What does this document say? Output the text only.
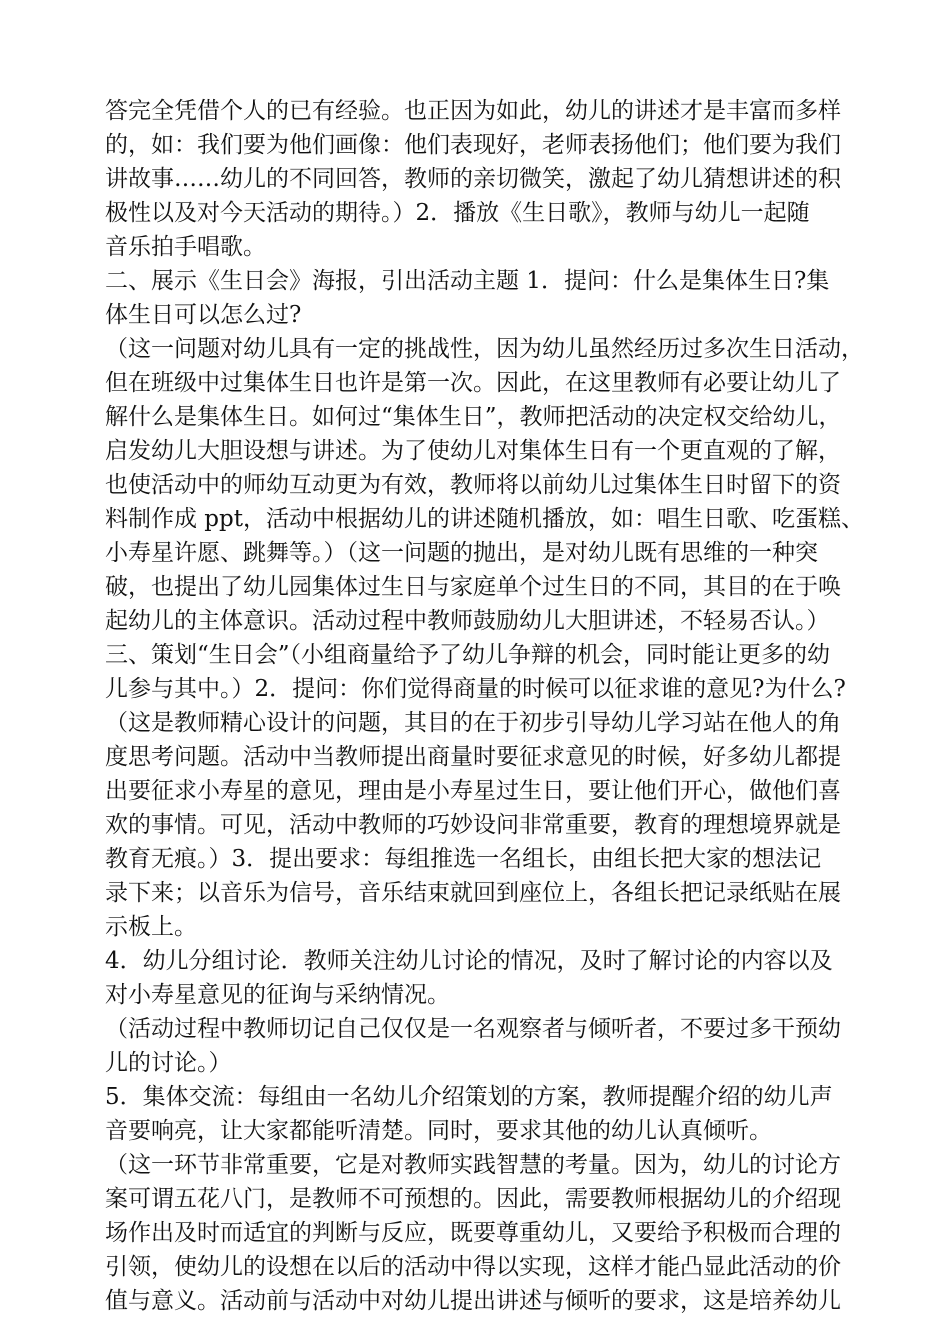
答完全凭借个人的已有经验。也正因为如此，幼儿的讲述才是丰富而多样
的，如：我们要为他们画像：他们表现好，老师表扬他们；他们要为我们
讲故事……幼儿的不同回答，教师的亲切微笑，激起了幼儿猜想讲述的积
极性以及对今天活动的期待。）2．播放《生日歌》，教师与幼儿一起随
音乐拍手唱歌。
二、展示《生日会》海报，引出活动主题 1．提问：什么是集体生日?集
体生日可以怎么过?
（这一问题对幼儿具有一定的挑战性，因为幼儿虽然经历过多次生日活动，
但在班级中过集体生日也许是第一次。因此，在这里教师有必要让幼儿了
解什么是集体生日。如何过“集体生日”，教师把活动的决定权交给幼儿，
启发幼儿大胆设想与讲述。为了使幼儿对集体生日有一个更直观的了解，
也使活动中的师幼互动更为有效，教师将以前幼儿过集体生日时留下的资
料制作成 ppt，活动中根据幼儿的讲述随机播放，如：唱生日歌、吃蛋糕、
小寿星许愿、跳舞等。）（这一问题的抛出，是对幼儿既有思维的一种突
破，也提出了幼儿园集体过生日与家庭单个过生日的不同，其目的在于唤
起幼儿的主体意识。活动过程中教师鼓励幼儿大胆讲述，不轻易否认。）
三、策划“生日会”（小组商量给予了幼儿争辩的机会，同时能让更多的幼
儿参与其中。）2．提问：你们觉得商量的时候可以征求谁的意见?为什么?
（这是教师精心设计的问题，其目的在于初步引导幼儿学习站在他人的角
度思考问题。活动中当教师提出商量时要征求意见的时候，好多幼儿都提
出要征求小寿星的意见，理由是小寿星过生日，要让他们开心，做他们喜
欢的事情。可见，活动中教师的巧妙设问非常重要，教育的理想境界就是
教育无痕。）3．提出要求：每组推选一名组长，由组长把大家的想法记
录下来；以音乐为信号，音乐结束就回到座位上，各组长把记录纸贴在展
示板上。
4．幼儿分组讨论．教师关注幼儿讨论的情况，及时了解讨论的内容以及
对小寿星意见的征询与采纳情况。
（活动过程中教师切记自己仅仅是一名观察者与倾听者，不要过多干预幼
儿的讨论。）
5．集体交流：每组由一名幼儿介绍策划的方案，教师提醒介绍的幼儿声
音要响亮，让大家都能听清楚。同时，要求其他的幼儿认真倾听。
（这一环节非常重要，它是对教师实践智慧的考量。因为，幼儿的讨论方
案可谓五花八门，是教师不可预想的。因此，需要教师根据幼儿的介绍现
场作出及时而适宜的判断与反应，既要尊重幼儿，又要给予积极而合理的
引领，使幼儿的设想在以后的活动中得以实现，这样才能凸显此活动的价
值与意义。活动前与活动中对幼儿提出讲述与倾听的要求，这是培养幼儿
